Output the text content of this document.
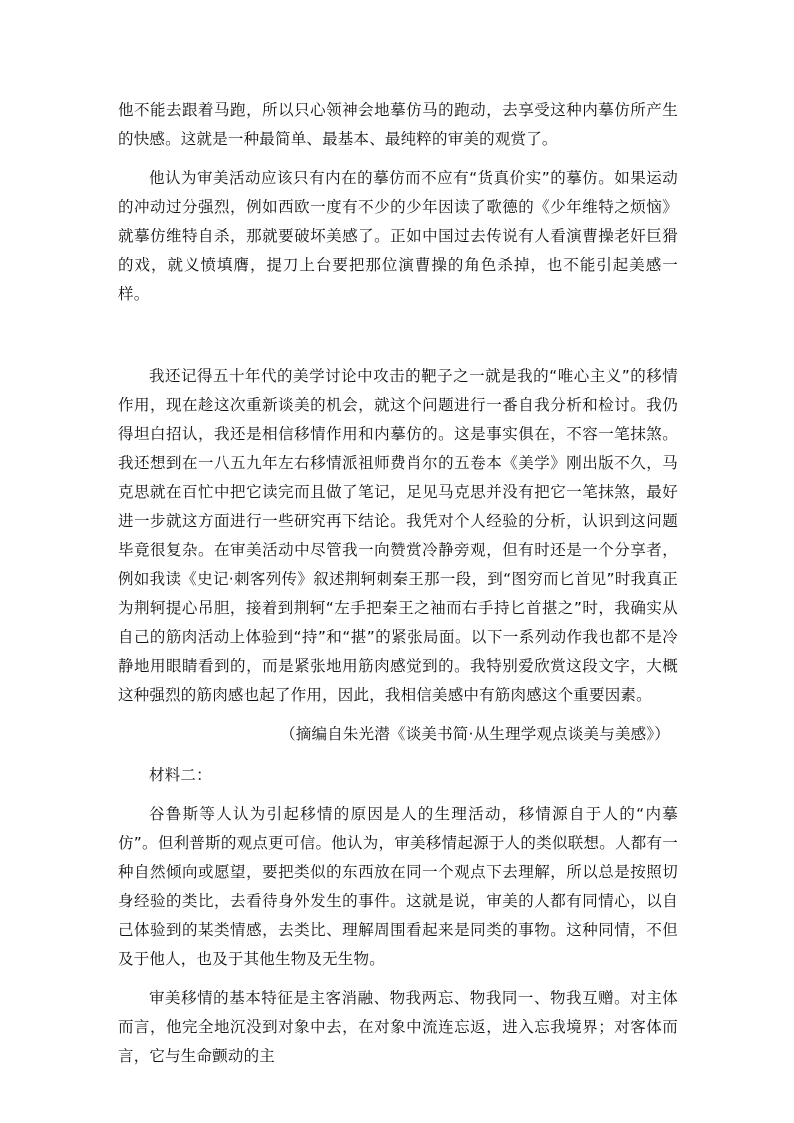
他不能去跟着马跑，所以只心领神会地摹仿马的跑动，去享受这种内摹仿所产生的快感。这就是一种最简单、最基本、最纯粹的审美的观赏了。

他认为审美活动应该只有内在的摹仿而不应有“货真价实”的摹仿。如果运动的冲动过分强烈，例如西欧一度有不少的少年因读了歌德的《少年维特之烦恼》就摹仿维特自杀，那就要破坏美感了。正如中国过去传说有人看演曹操老奸巨猾的戏，就义愤填膺，提刀上台要把那位演曹操的角色杀掉，也不能引起美感一样。

我还记得五十年代的美学讨论中攻击的靶子之一就是我的“唯心主义”的移情作用，现在趁这次重新谈美的机会，就这个问题进行一番自我分析和检讨。我仍得坦白招认，我还是相信移情作用和内摹仿的。这是事实俱在，不容一笔抹煞。我还想到在一八五九年左右移情派祖师费肖尔的五卷本《美学》刚出版不久，马克思就在百忙中把它读完而且做了笔记，足见马克思并没有把它一笔抹煞，最好进一步就这方面进行一些研究再下结论。我凭对个人经验的分析，认识到这问题毕竟很复杂。在审美活动中尽管我一向赞赏冷静旁观，但有时还是一个分享者，例如我读《史记·刺客列传》叙述荆轲刺秦王那一段，到“图穷而匕首见”时我真正为荆轲提心吊胆，接着到荆轲“左手把秦王之袖而右手持匕首揕之”时，我确实从自己的筋肉活动上体验到“持”和“揕”的紧张局面。以下一系列动作我也都不是冷静地用眼睛看到的，而是紧张地用筋肉感觉到的。我特别爱欣赏这段文字，大概这种强烈的筋肉感也起了作用，因此，我相信美感中有筋肉感这个重要因素。

（摘编自朱光潜《谈美书简·从生理学观点谈美与美感》）

材料二：

谷鲁斯等人认为引起移情的原因是人的生理活动，移情源自于人的“内摹仿”。但利普斯的观点更可信。他认为，审美移情起源于人的类似联想。人都有一种自然倾向或愿望，要把类似的东西放在同一个观点下去理解，所以总是按照切身经验的类比，去看待身外发生的事件。这就是说，审美的人都有同情心，以自己体验到的某类情感，去类比、理解周围看起来是同类的事物。这种同情，不但及于他人，也及于其他生物及无生物。

审美移情的基本特征是主客消融、物我两忘、物我同一、物我互赠。对主体而言，他完全地沉没到对象中去，在对象中流连忘返，进入忘我境界；对客体而言，它与生命颤动的主
